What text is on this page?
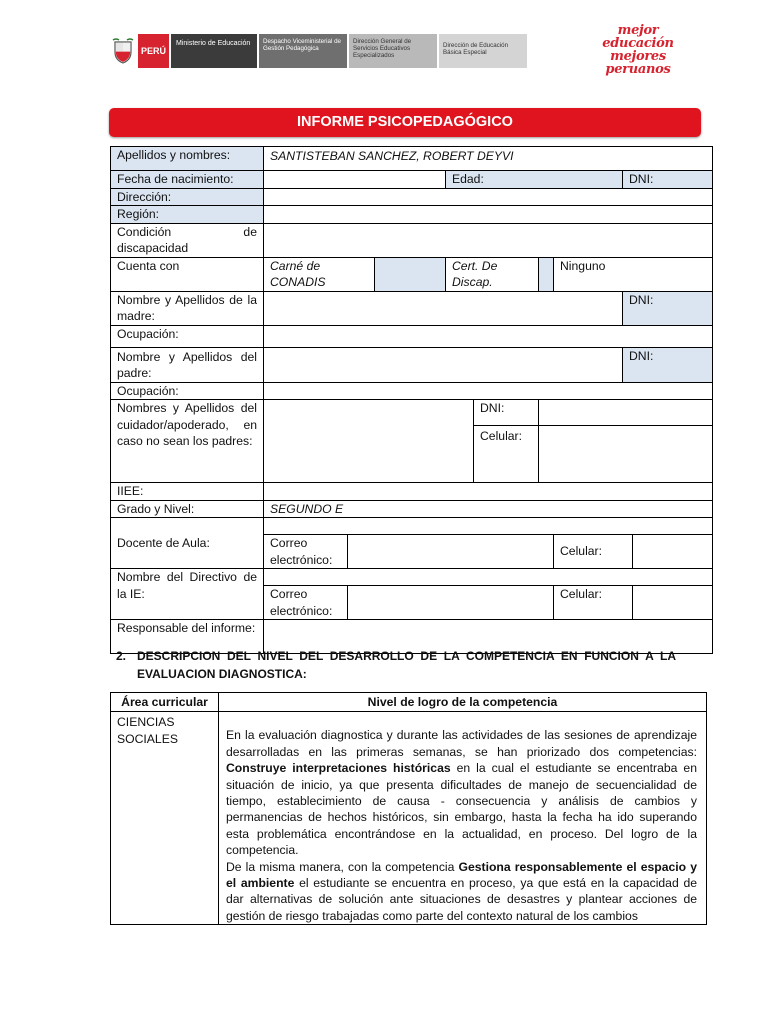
PERÚ
Ministerio de Educación	Despacho Viceministerial de Gestión Pedagógica
Dirección General de Servicios Educativos Especializados
Dirección de Educación Básica Especial
mejor
educación
mejores
peruanos
INFORME PSICOPEDAGÓGICO
Apellidos y nombres:	SANTISTEBAN SANCHEZ, ROBERT DEYVI								
Fecha de nacimiento:				Edad:				DNI:	
Dirección:									
Región:									
Condición de discapacidad									
Cuenta con	Carné de CONADIS			Cert. De Discap.			Ninguno		
Nombre y Apellidos de la madre:								DNI:	
Ocupación:									
Nombre y Apellidos del padre:								DNI:	
Ocupación:									
Nombres y Apellidos del cuidador/apoderado, en caso no sean los padres:					DNI:				
					Celular:				
IIEE:									
Grado y Nivel:	SEGUNDO E								
Docente de Aula:									
	Correo electrónico:						Celular:		
Nombre del Directivo de la IE:									
	Correo electrónico:						Celular:		
Responsable del informe:									
2. DESCRIPCION DEL NIVEL DEL DESARROLLO DE LA COMPETENCIA EN FUNCION A LA EVALUACION DIAGNOSTICA:
Área curricular	Nivel de logro de la competencia
CIENCIAS SOCIALES	En la evaluación diagnostica y durante las actividades de las sesiones de aprendizaje desarrolladas en las primeras semanas, se han priorizado dos competencias: Construye interpretaciones históricas en la cual el estudiante se encentraba en situación de inicio, ya que presenta dificultades de manejo de secuencialidad de tiempo, establecimiento de causa - consecuencia y análisis de cambios y permanencias de hechos históricos, sin embargo, hasta la fecha ha ido superando esta problemática encontrándose en la actualidad, en proceso. Del logro de la competencia.

De la misma manera, con la competencia Gestiona responsablemente el espacio y el ambiente el estudiante se encuentra en proceso, ya que está en la capacidad de dar alternativas de solución ante situaciones de desastres y plantear acciones de gestión de riesgo trabajadas como parte del contexto natural de los cambios
